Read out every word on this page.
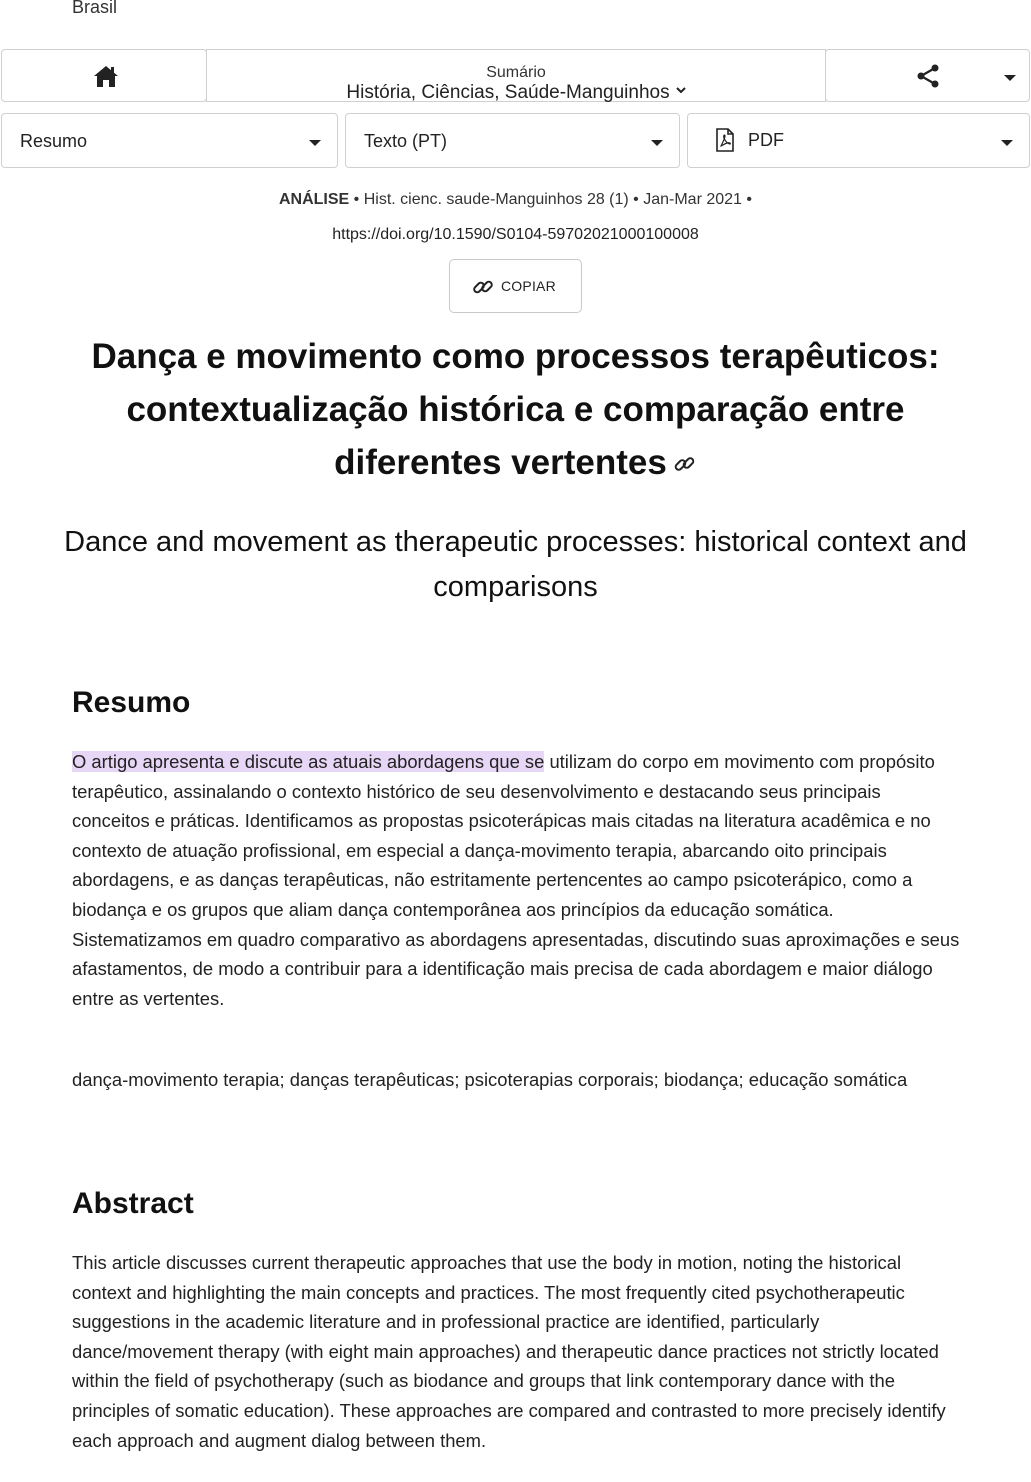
Brasil
Sumário
História, Ciências, Saúde-Manguinhos
Resumo	Texto (PT)	PDF
ANÁLISE • Hist. cienc. saude-Manguinhos 28 (1) • Jan-Mar 2021 •
https://doi.org/10.1590/S0104-59702021000100008
COPIAR
Dança e movimento como processos terapêuticos: contextualização histórica e comparação entre diferentes vertentes
Dance and movement as therapeutic processes: historical context and comparisons
Resumo
O artigo apresenta e discute as atuais abordagens que se utilizam do corpo em movimento com propósito terapêutico, assinalando o contexto histórico de seu desenvolvimento e destacando seus principais conceitos e práticas. Identificamos as propostas psicoterápicas mais citadas na literatura acadêmica e no contexto de atuação profissional, em especial a dança-movimento terapia, abarcando oito principais abordagens, e as danças terapêuticas, não estritamente pertencentes ao campo psicoterápico, como a biodança e os grupos que aliam dança contemporânea aos princípios da educação somática. Sistematizamos em quadro comparativo as abordagens apresentadas, discutindo suas aproximações e seus afastamentos, de modo a contribuir para a identificação mais precisa de cada abordagem e maior diálogo entre as vertentes.
dança-movimento terapia; danças terapêuticas; psicoterapias corporais; biodança; educação somática
Abstract
This article discusses current therapeutic approaches that use the body in motion, noting the historical context and highlighting the main concepts and practices. The most frequently cited psychotherapeutic suggestions in the academic literature and in professional practice are identified, particularly dance/movement therapy (with eight main approaches) and therapeutic dance practices not strictly located within the field of psychotherapy (such as biodance and groups that link contemporary dance with the principles of somatic education). These approaches are compared and contrasted to more precisely identify each approach and augment dialog between them.
